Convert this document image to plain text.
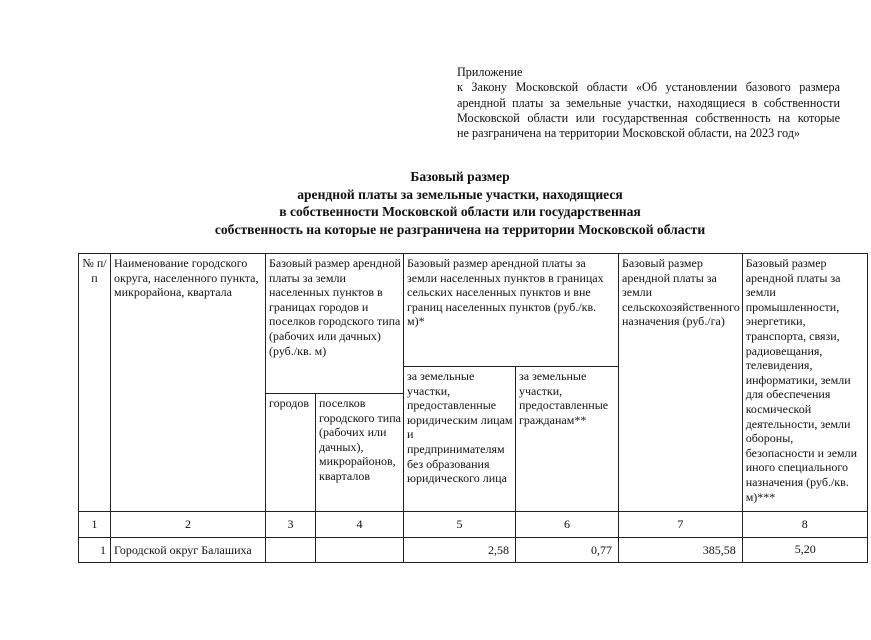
Приложение
к Закону Московской области «Об установлении базового размера
арендной платы за земельные участки, находящиеся в собственности
Московской области или государственная собственность на которые
не разграничена на территории Московской области, на 2023 год»
Базовый размер
арендной платы за земельные участки, находящиеся
в собственности Московской области или государственная
собственность на которые не разграничена на территории Московской области
№ п/п	Наименование городского округа, населенного пункта, микрорайона, квартала	Базовый размер арендной платы за земли населенных пунктов в границах городов и поселков городского типа (рабочих или дачных) (руб./кв. м)		Базовый размер арендной платы за земли населенных пунктов в границах сельских населенных пунктов и вне границ населенных пунктов (руб./кв. м)*		Базовый размер арендной платы за земли сельскохозяйственного назначения (руб./га)	Базовый размер арендной платы за земли промышленности, энергетики, транспорта, связи, радиовещания, телевидения, информатики, земли для обеспечения космической деятельности, земли обороны, безопасности и земли иного специального назначения (руб./кв. м)***

				за земельные участки, предоставленные юридическим лицам и предпринимателям без образования юридического лица	за земельные участки, предоставленные гражданам**		

		городов	поселков городского типа (рабочих или дачных), микрорайонов, кварталов				

1	2	3	4	5	6	7	8
1	Городской округ Балашиха			2,58	0,77	385,58	5,20
